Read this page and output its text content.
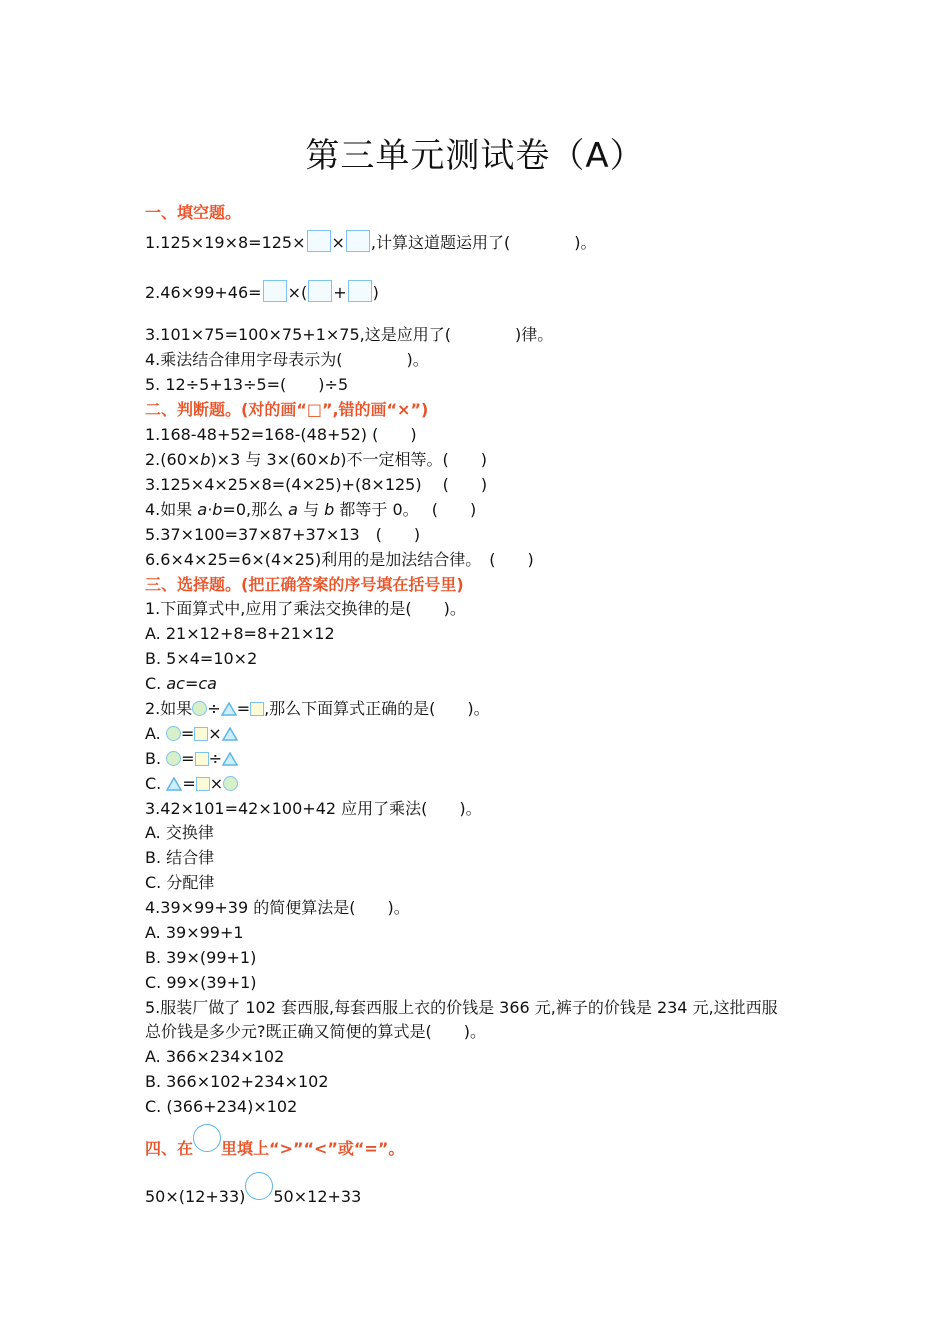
第三单元测试卷（A）
一、填空题。
1.125×19×8=125× × ,计算这道题运用了(　　　　)。
2.46×99+46= ×( + )
3.101×75=100×75+1×75,这是应用了(　　　　)律。
4.乘法结合律用字母表示为(　　　　)。
5. 12÷5+13÷5=(　　)÷5
二、判断题。(对的画“□”,错的画“×”)
1.168-48+52=168-(48+52) (　　)
2.(60×b)×3 与 3×(60×b)不一定相等。(　　)
3.125×4×25×8=(4×25)+(8×125)　 (　　)
4.如果 a·b=0,那么 a 与 b 都等于 0。　 (　　)
5.37×100=37×87+37×13　(　　)
6.6×4×25=6×(4×25)利用的是加法结合律。　(　　)
三、选择题。(把正确答案的序号填在括号里)
1.下面算式中,应用了乘法交换律的是(　　)。
A. 21×12+8=8+21×12
B. 5×4=10×2
C. ac=ca
2.如果 ÷ = ,那么下面算式正确的是(　　)。
A. = ×
B. = ÷
C. = ×
3.42×101=42×100+42 应用了乘法(　　)。
A. 交换律
B. 结合律
C. 分配律
4.39×99+39 的简便算法是(　　)。
A. 39×99+1
B. 39×(99+1)
C. 99×(39+1)
5.服装厂做了 102 套西服,每套西服上衣的价钱是 366 元,裤子的价钱是 234 元,这批西服
总价钱是多少元?既正确又简便的算式是(　　)。
A. 366×234×102
B. 366×102+234×102
C. (366+234)×102
四、在 里填上“>”“<”或“=”。
50×(12+33) 50×12+33
